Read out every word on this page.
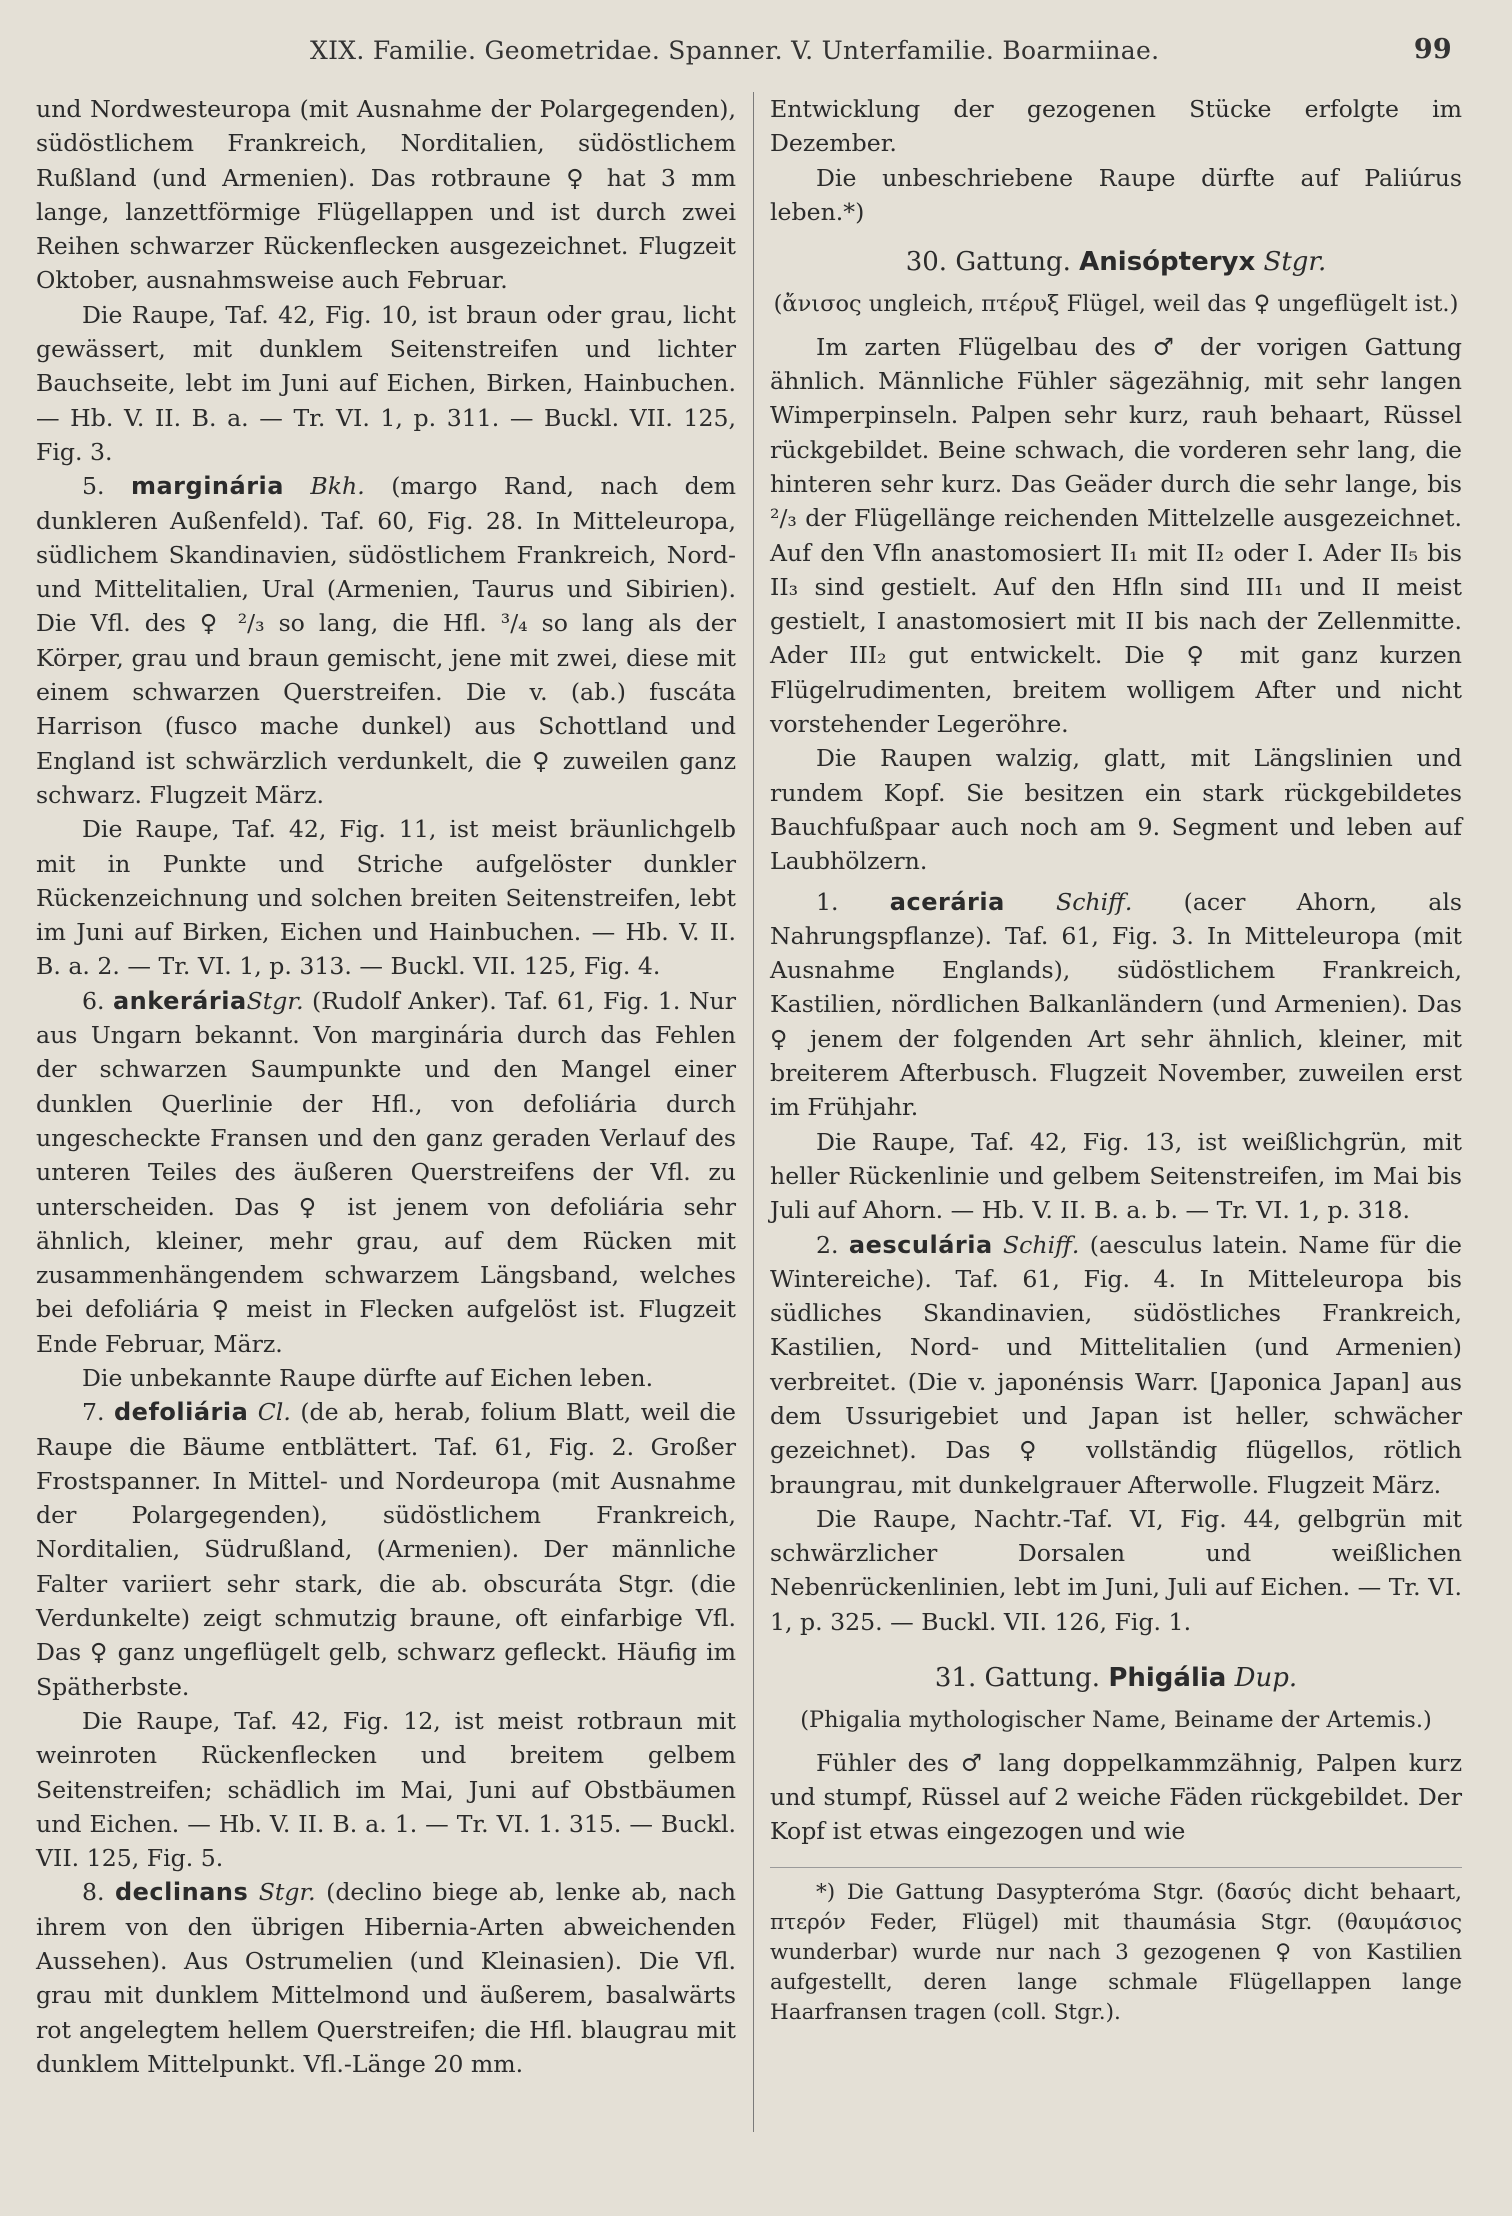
XIX. Familie. Geometridae. Spanner. V. Unterfamilie. Boarmiinae.	99

und Nordwesteuropa (mit Ausnahme der Polargegenden), südöstlichem Frankreich, Norditalien, südöstlichem Rußland (und Armenien). Das rotbraune ♀ hat 3 mm lange, lanzettförmige Flügellappen und ist durch zwei Reihen schwarzer Rückenflecken ausgezeichnet. Flugzeit Oktober, ausnahmsweise auch Februar.

Die Raupe, Taf. 42, Fig. 10, ist braun oder grau, licht gewässert, mit dunklem Seitenstreifen und lichter Bauchseite, lebt im Juni auf Eichen, Birken, Hainbuchen. — Hb. V. II. B. a. — Tr. VI. 1, p. 311. — Buckl. VII. 125, Fig. 3.

5. marginária Bkh. (margo Rand, nach dem dunkleren Außenfeld). Taf. 60, Fig. 28. In Mitteleuropa, südlichem Skandinavien, südöstlichem Frankreich, Nord- und Mittelitalien, Ural (Armenien, Taurus und Sibirien). Die Vfl. des ♀ ²/₃ so lang, die Hfl. ³/₄ so lang als der Körper, grau und braun gemischt, jene mit zwei, diese mit einem schwarzen Querstreifen. Die v. (ab.) fuscáta Harrison (fusco mache dunkel) aus Schottland und England ist schwärzlich verdunkelt, die ♀ zuweilen ganz schwarz. Flugzeit März.

Die Raupe, Taf. 42, Fig. 11, ist meist bräunlichgelb mit in Punkte und Striche aufgelöster dunkler Rückenzeichnung und solchen breiten Seitenstreifen, lebt im Juni auf Birken, Eichen und Hainbuchen. — Hb. V. II. B. a. 2. — Tr. VI. 1, p. 313. — Buckl. VII. 125, Fig. 4.

6. ankeráriaStgr. (Rudolf Anker). Taf. 61, Fig. 1. Nur aus Ungarn bekannt. Von marginária durch das Fehlen der schwarzen Saumpunkte und den Mangel einer dunklen Querlinie der Hfl., von defoliária durch ungescheckte Fransen und den ganz geraden Verlauf des unteren Teiles des äußeren Querstreifens der Vfl. zu unterscheiden. Das ♀ ist jenem von defoliária sehr ähnlich, kleiner, mehr grau, auf dem Rücken mit zusammenhängendem schwarzem Längsband, welches bei defoliária ♀ meist in Flecken aufgelöst ist. Flugzeit Ende Februar, März.

Die unbekannte Raupe dürfte auf Eichen leben.

7. defoliária Cl. (de ab, herab, folium Blatt, weil die Raupe die Bäume entblättert. Taf. 61, Fig. 2. Großer Frostspanner. In Mittel- und Nordeuropa (mit Ausnahme der Polargegenden), südöstlichem Frankreich, Norditalien, Südrußland, (Armenien). Der männliche Falter variiert sehr stark, die ab. obscuráta Stgr. (die Verdunkelte) zeigt schmutzig braune, oft einfarbige Vfl. Das ♀ ganz ungeflügelt gelb, schwarz gefleckt. Häufig im Spätherbste.

Die Raupe, Taf. 42, Fig. 12, ist meist rotbraun mit weinroten Rückenflecken und breitem gelbem Seitenstreifen; schädlich im Mai, Juni auf Obstbäumen und Eichen. — Hb. V. II. B. a. 1. — Tr. VI. 1. 315. — Buckl. VII. 125, Fig. 5.

8. declinans Stgr. (declino biege ab, lenke ab, nach ihrem von den übrigen Hibernia-Arten abweichenden Aussehen). Aus Ostrumelien (und Kleinasien). Die Vfl. grau mit dunklem Mittelmond und äußerem, basalwärts rot angelegtem hellem Querstreifen; die Hfl. blaugrau mit dunklem Mittelpunkt. Vfl.-Länge 20 mm.

Entwicklung der gezogenen Stücke erfolgte im Dezember.

Die unbeschriebene Raupe dürfte auf Paliúrus leben.*)

30. Gattung. Anisópteryx Stgr.

(ἄνισος ungleich, πτέρυξ Flügel, weil das ♀ ungeflügelt ist.)

Im zarten Flügelbau des ♂ der vorigen Gattung ähnlich. Männliche Fühler sägezähnig, mit sehr langen Wimperpinseln. Palpen sehr kurz, rauh behaart, Rüssel rückgebildet. Beine schwach, die vorderen sehr lang, die hinteren sehr kurz. Das Geäder durch die sehr lange, bis ²/₃ der Flügellänge reichenden Mittelzelle ausgezeichnet. Auf den Vfln anastomosiert II₁ mit II₂ oder I. Ader II₅ bis II₃ sind gestielt. Auf den Hfln sind III₁ und II meist gestielt, I anastomosiert mit II bis nach der Zellenmitte. Ader III₂ gut entwickelt. Die ♀ mit ganz kurzen Flügelrudimenten, breitem wolligem After und nicht vorstehender Legeröhre.

Die Raupen walzig, glatt, mit Längslinien und rundem Kopf. Sie besitzen ein stark rückgebildetes Bauchfußpaar auch noch am 9. Segment und leben auf Laubhölzern.

1. acerária Schiff. (acer Ahorn, als Nahrungspflanze). Taf. 61, Fig. 3. In Mitteleuropa (mit Ausnahme Englands), südöstlichem Frankreich, Kastilien, nördlichen Balkanländern (und Armenien). Das ♀ jenem der folgenden Art sehr ähnlich, kleiner, mit breiterem Afterbusch. Flugzeit November, zuweilen erst im Frühjahr.

Die Raupe, Taf. 42, Fig. 13, ist weißlichgrün, mit heller Rückenlinie und gelbem Seitenstreifen, im Mai bis Juli auf Ahorn. — Hb. V. II. B. a. b. — Tr. VI. 1, p. 318.

2. aesculária Schiff. (aesculus latein. Name für die Wintereiche). Taf. 61, Fig. 4. In Mitteleuropa bis südliches Skandinavien, südöstliches Frankreich, Kastilien, Nord- und Mittelitalien (und Armenien) verbreitet. (Die v. japonénsis Warr. [Japonica Japan] aus dem Ussurigebiet und Japan ist heller, schwächer gezeichnet). Das ♀ vollständig flügellos, rötlich braungrau, mit dunkelgrauer Afterwolle. Flugzeit März.

Die Raupe, Nachtr.-Taf. VI, Fig. 44, gelbgrün mit schwärzlicher Dorsalen und weißlichen Nebenrückenlinien, lebt im Juni, Juli auf Eichen. — Tr. VI. 1, p. 325. — Buckl. VII. 126, Fig. 1.

31. Gattung. Phigália Dup.

(Phigalia mythologischer Name, Beiname der Artemis.)

Fühler des ♂ lang doppelkammzähnig, Palpen kurz und stumpf, Rüssel auf 2 weiche Fäden rückgebildet. Der Kopf ist etwas eingezogen und wie

*) Die Gattung Dasypteróma Stgr. (δασύς dicht behaart, πτερόν Feder, Flügel) mit thaumásia Stgr. (θαυμάσιος wunderbar) wurde nur nach 3 gezogenen ♀ von Kastilien aufgestellt, deren lange schmale Flügellappen lange Haarfransen tragen (coll. Stgr.).
